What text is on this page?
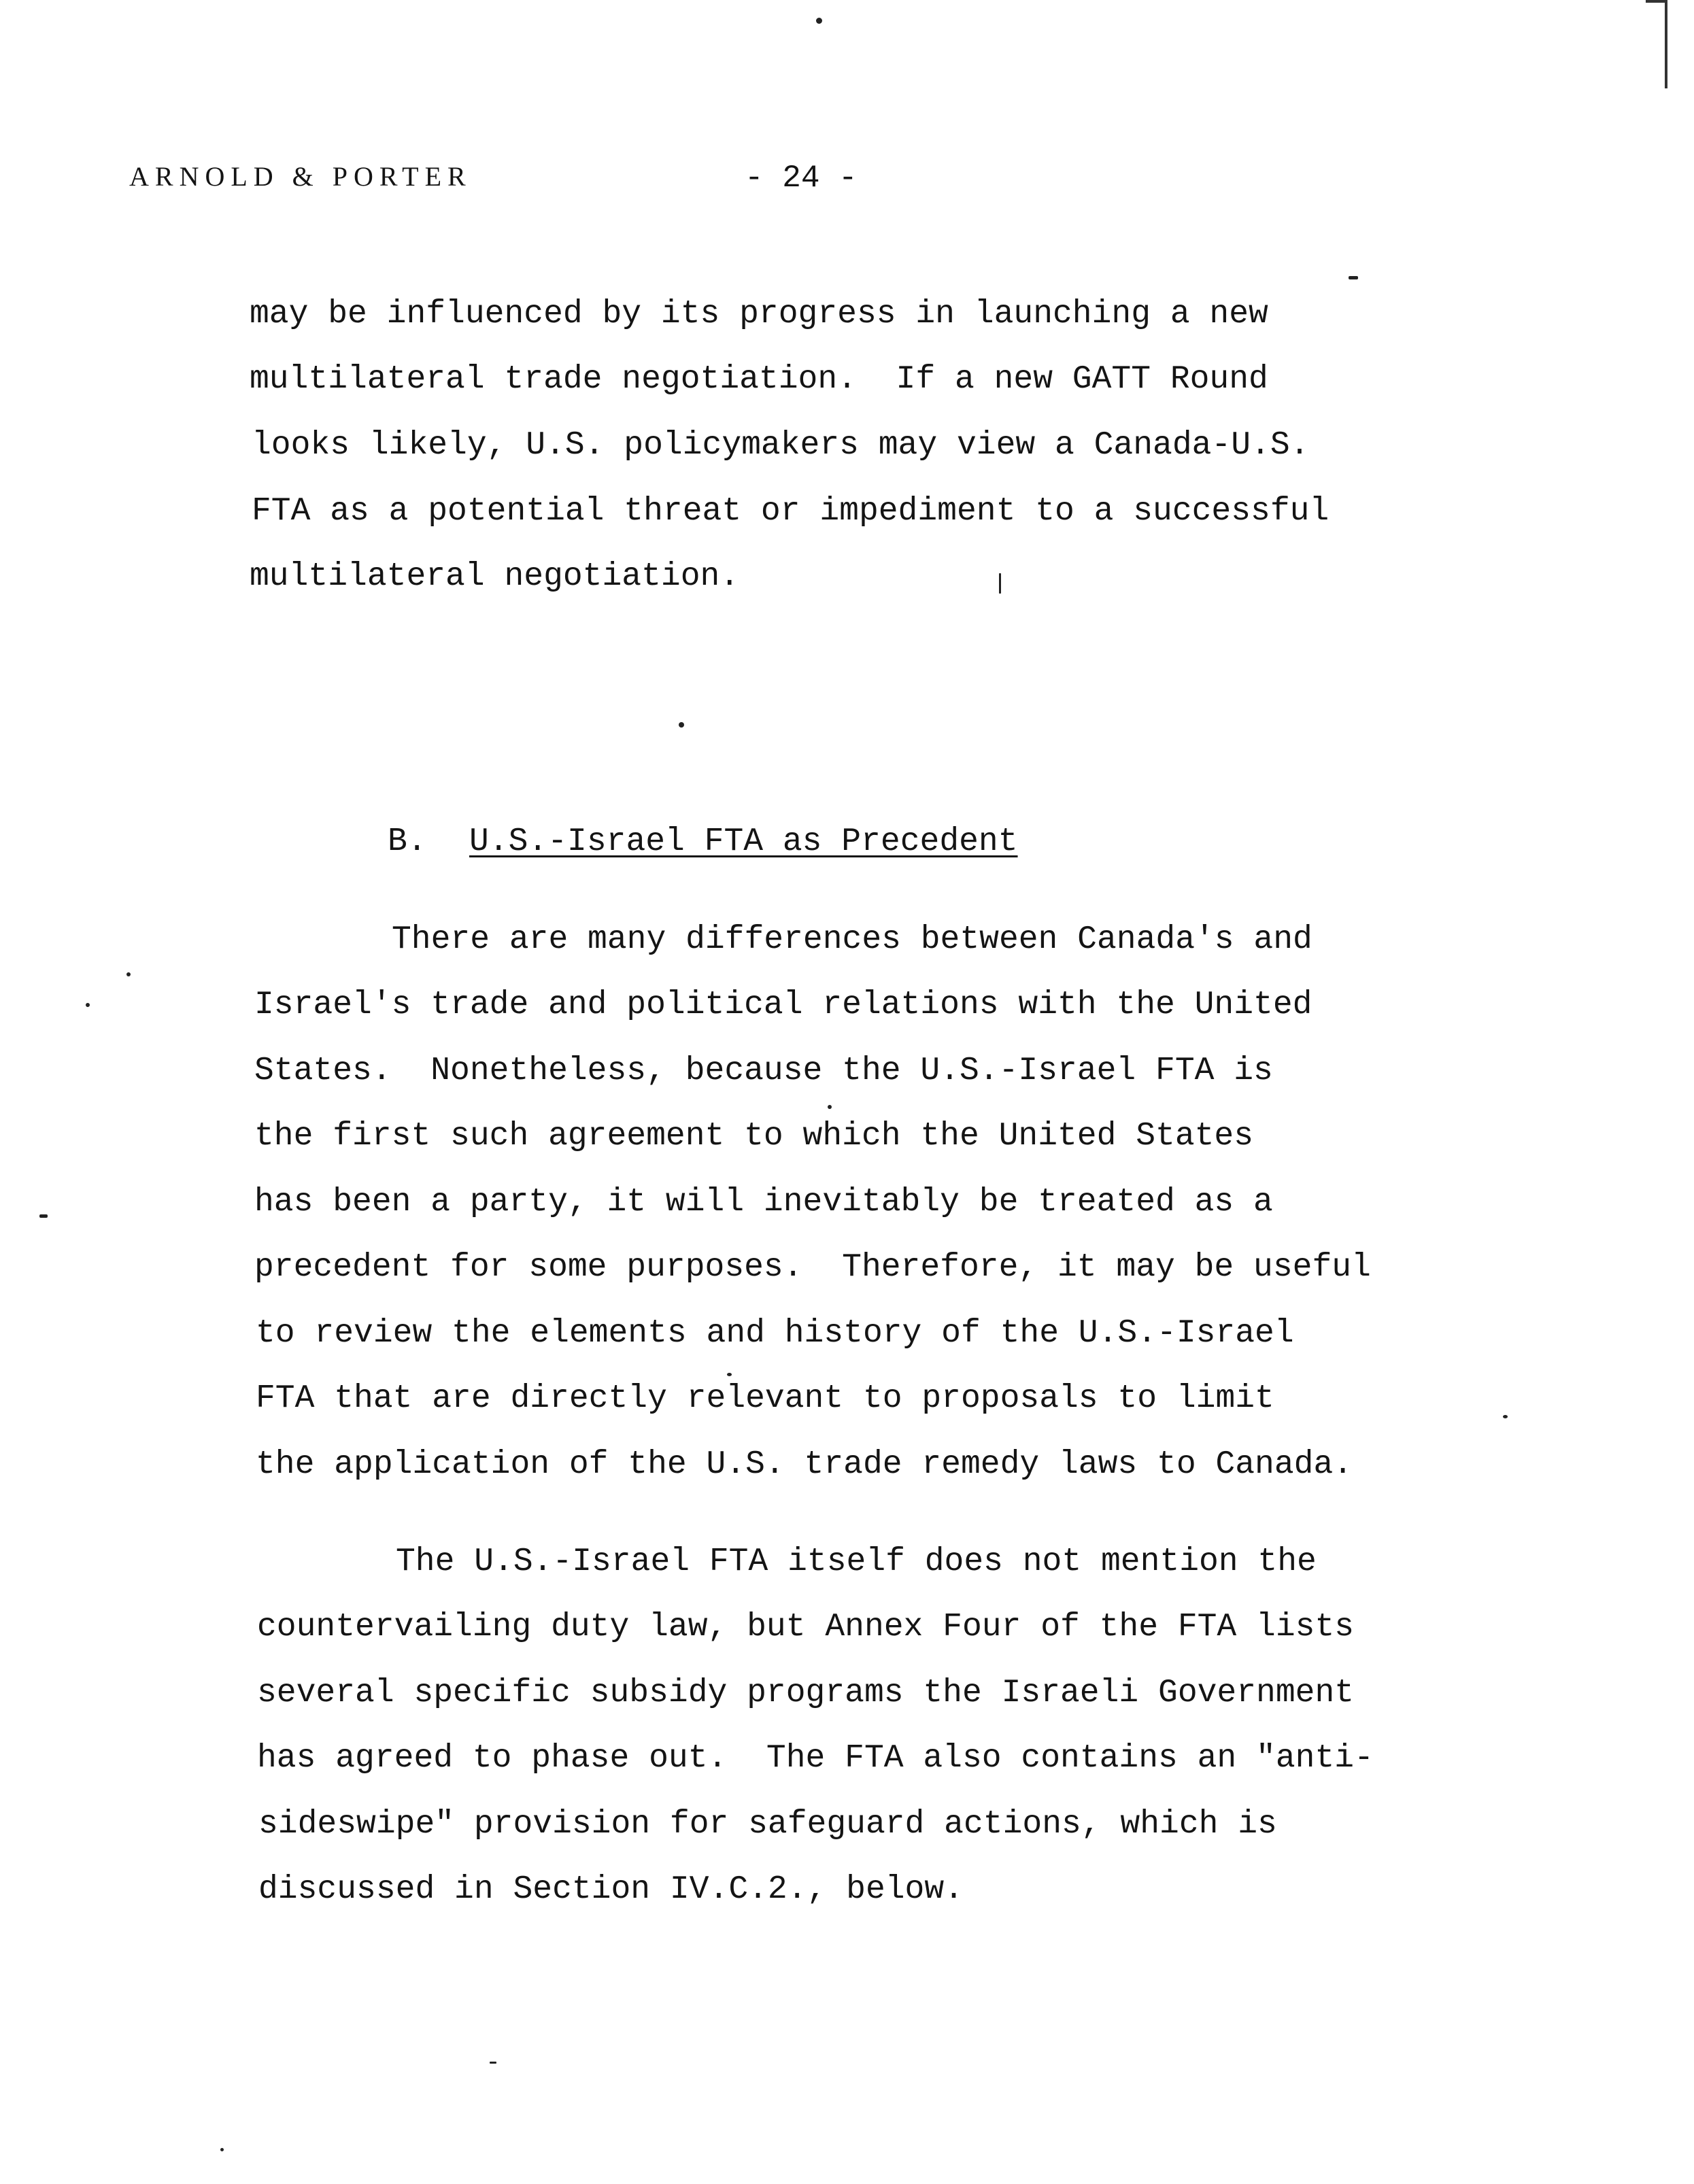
ARNOLD & PORTER	- 24 -
may be influenced by its progress in launching a new
multilateral trade negotiation.  If a new GATT Round
looks likely, U.S. policymakers may view a Canada-U.S.
FTA as a potential threat or impediment to a successful
multilateral negotiation.
B. U.S.-Israel FTA as Precedent
There are many differences between Canada's and
Israel's trade and political relations with the United
States.  Nonetheless, because the U.S.-Israel FTA is
the first such agreement to which the United States
has been a party, it will inevitably be treated as a
precedent for some purposes.  Therefore, it may be useful
to review the elements and history of the U.S.-Israel
FTA that are directly relevant to proposals to limit
the application of the U.S. trade remedy laws to Canada.
The U.S.-Israel FTA itself does not mention the
countervailing duty law, but Annex Four of the FTA lists
several specific subsidy programs the Israeli Government
has agreed to phase out.  The FTA also contains an "anti-
sideswipe" provision for safeguard actions, which is
discussed in Section IV.C.2., below.
